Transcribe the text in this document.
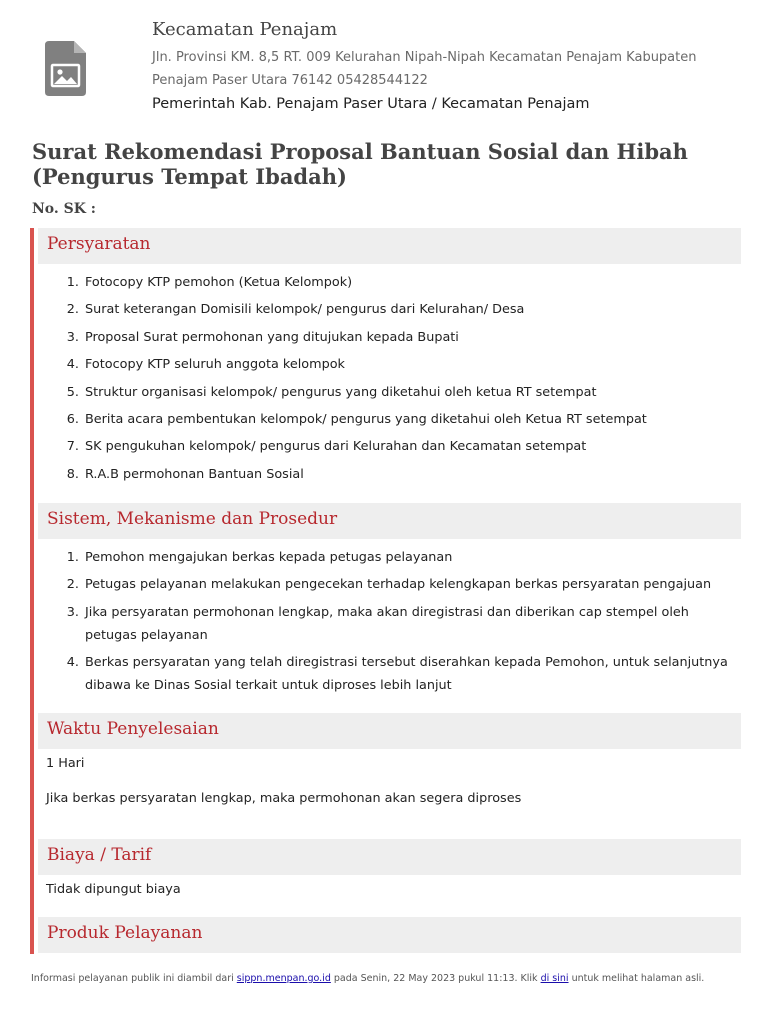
Kecamatan Penajam
Jln. Provinsi KM. 8,5 RT. 009 Kelurahan Nipah-Nipah Kecamatan Penajam Kabupaten Penajam Paser Utara 76142 05428544122
Pemerintah Kab. Penajam Paser Utara / Kecamatan Penajam
Surat Rekomendasi Proposal Bantuan Sosial dan Hibah (Pengurus Tempat Ibadah)
No. SK :
Persyaratan
1. Fotocopy KTP pemohon (Ketua Kelompok)
2. Surat keterangan Domisili kelompok/ pengurus dari Kelurahan/ Desa
3. Proposal Surat permohonan yang ditujukan kepada Bupati
4. Fotocopy KTP seluruh anggota kelompok
5. Struktur organisasi kelompok/ pengurus yang diketahui oleh ketua RT setempat
6. Berita acara pembentukan kelompok/ pengurus yang diketahui oleh Ketua RT setempat
7. SK pengukuhan kelompok/ pengurus dari Kelurahan dan Kecamatan setempat
8. R.A.B permohonan Bantuan Sosial
Sistem, Mekanisme dan Prosedur
1. Pemohon mengajukan berkas kepada petugas pelayanan
2. Petugas pelayanan melakukan pengecekan terhadap kelengkapan berkas persyaratan pengajuan
3. Jika persyaratan permohonan lengkap, maka akan diregistrasi dan diberikan cap stempel oleh petugas pelayanan
4. Berkas persyaratan yang telah diregistrasi tersebut diserahkan kepada Pemohon, untuk selanjutnya dibawa ke Dinas Sosial terkait untuk diproses lebih lanjut
Waktu Penyelesaian
1 Hari
Jika berkas persyaratan lengkap, maka permohonan akan segera diproses
Biaya / Tarif
Tidak dipungut biaya
Produk Pelayanan
Informasi pelayanan publik ini diambil dari sippn.menpan.go.id pada Senin, 22 May 2023 pukul 11:13. Klik di sini untuk melihat halaman asli.
